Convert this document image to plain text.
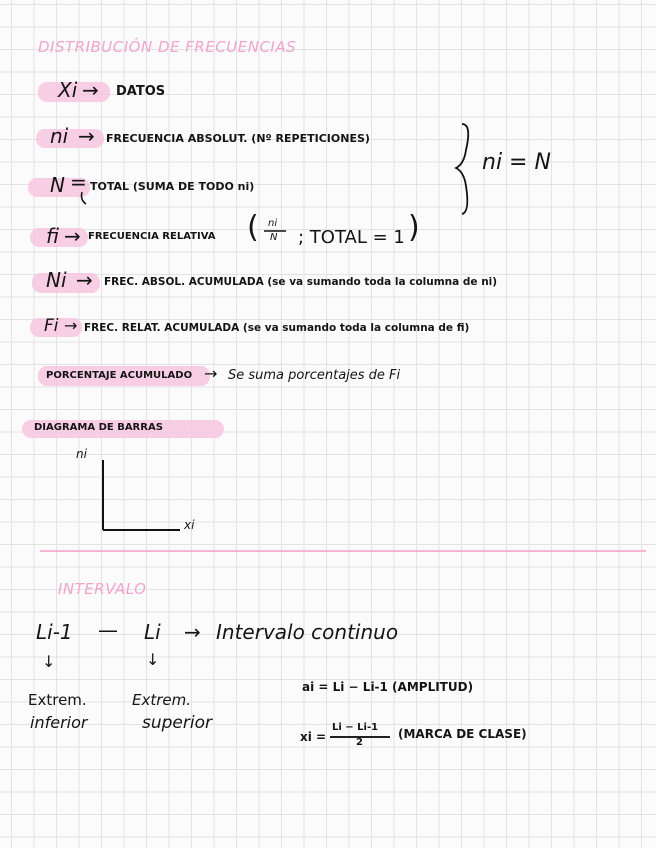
DISTRIBUCIÓN DE FRECUENCIAS
Xi → DATOS
ni → FRECUENCIA ABSOLUT. (Nº REPETICIONES)
N = TOTAL (SUMA DE TODO ni)
ni = N
fi → FRECUENCIA RELATIVA ( ni
N ; TOTAL = 1 )
Ni → FREC. ABSOL. ACUMULADA (se va sumando toda la columna de ni)
Fi → FREC. RELAT. ACUMULADA (se va sumando toda la columna de fi)
PORCENTAJE ACUMULADO → Se suma porcentajes de Fi
DIAGRAMA DE BARRAS
ni
xi
INTERVALO
Li-1 — Li → Intervalo continuo
↓	↓
Extrem.
inferior
Extrem.
superior
ai = Li − Li-1 (AMPLITUD)
xi =
Li − Li-1
2
(MARCA DE CLASE)
